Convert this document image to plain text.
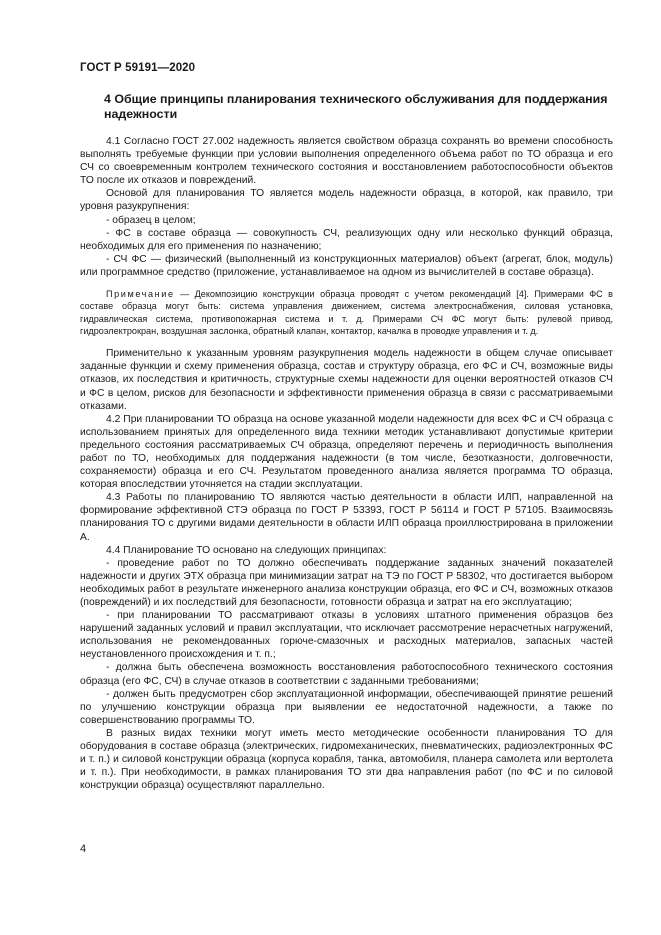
ГОСТ Р 59191—2020
4 Общие принципы планирования технического обслуживания для поддержания надежности

4.1 Согласно ГОСТ 27.002 надежность является свойством образца сохранять во времени способность выполнять требуемые функции при условии выполнения определенного объема работ по ТО образца и его СЧ со своевременным контролем технического состояния и восстановлением работоспособности объектов ТО после их отказов и повреждений.

Основой для планирования ТО является модель надежности образца, в которой, как правило, три уровня разукрупнения:

- образец в целом;

- ФС в составе образца — совокупность СЧ, реализующих одну или несколько функций образца, необходимых для его применения по назначению;

- СЧ ФС — физический (выполненный из конструкционных материалов) объект (агрегат, блок, модуль) или программное средство (приложение, устанавливаемое на одном из вычислителей в составе образца).

Примечание — Декомпозицию конструкции образца проводят с учетом рекомендаций [4]. Примерами ФС в составе образца могут быть: система управления движением, система электроснабжения, силовая установка, гидравлическая система, противопожарная система и т. д. Примерами СЧ ФС могут быть: рулевой привод, гидроэлектрокран, воздушная заслонка, обратный клапан, контактор, качалка в проводке управления и т. д.

Применительно к указанным уровням разукрупнения модель надежности в общем случае описывает заданные функции и схему применения образца, состав и структуру образца, его ФС и СЧ, возможные виды отказов, их последствия и критичность, структурные схемы надежности для оценки вероятностей отказов СЧ и ФС в целом, рисков для безопасности и эффективности применения образца в связи с рассматриваемыми отказами.

4.2 При планировании ТО образца на основе указанной модели надежности для всех ФС и СЧ образца с использованием принятых для определенного вида техники методик устанавливают допустимые критерии предельного состояния рассматриваемых СЧ образца, определяют перечень и периодичность выполнения работ по ТО, необходимых для поддержания надежности (в том числе, безотказности, долговечности, сохраняемости) образца и его СЧ. Результатом проведенного анализа является программа ТО образца, которая впоследствии уточняется на стадии эксплуатации.

4.3 Работы по планированию ТО являются частью деятельности в области ИЛП, направленной на формирование эффективной СТЭ образца по ГОСТ Р 53393, ГОСТ Р 56114 и ГОСТ Р 57105. Взаимосвязь планирования ТО с другими видами деятельности в области ИЛП образца проиллюстрирована в приложении А.

4.4 Планирование ТО основано на следующих принципах:

- проведение работ по ТО должно обеспечивать поддержание заданных значений показателей надежности и других ЭТХ образца при минимизации затрат на ТЭ по ГОСТ Р 58302, что достигается выбором необходимых работ в результате инженерного анализа конструкции образца, его ФС и СЧ, возможных отказов (повреждений) и их последствий для безопасности, готовности образца и затрат на его эксплуатацию;

- при планировании ТО рассматривают отказы в условиях штатного применения образцов без нарушений заданных условий и правил эксплуатации, что исключает рассмотрение нерасчетных нагружений, использования не рекомендованных горюче-смазочных и расходных материалов, запасных частей неустановленного происхождения и т. п.;

- должна быть обеспечена возможность восстановления работоспособного технического состояния образца (его ФС, СЧ) в случае отказов в соответствии с заданными требованиями;

- должен быть предусмотрен сбор эксплуатационной информации, обеспечивающей принятие решений по улучшению конструкции образца при выявлении ее недостаточной надежности, а также по совершенствованию программы ТО.

В разных видах техники могут иметь место методические особенности планирования ТО для оборудования в составе образца (электрических, гидромеханических, пневматических, радиоэлектронных ФС и т. п.) и силовой конструкции образца (корпуса корабля, танка, автомобиля, планера самолета или вертолета и т. п.). При необходимости, в рамках планирования ТО эти два направления работ (по ФС и по силовой конструкции образца) осуществляют параллельно.

4
